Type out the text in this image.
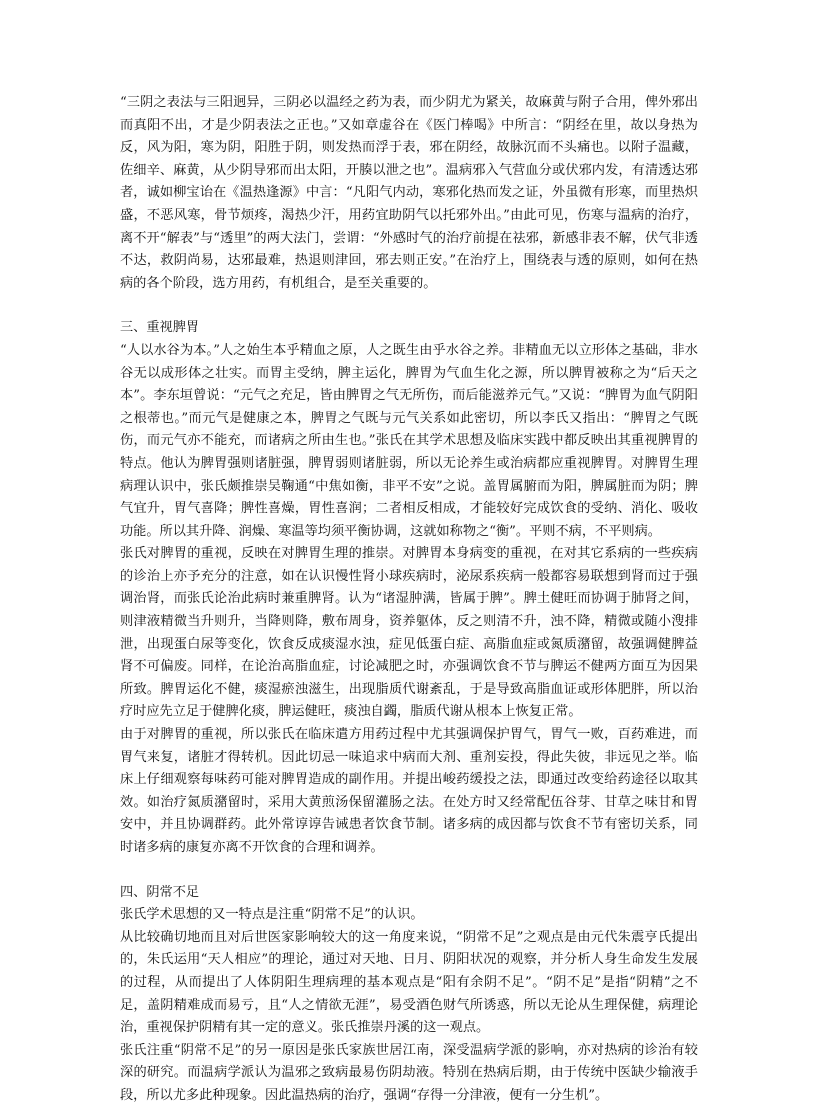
“三阴之表法与三阳迥异，三阴必以温经之药为表，而少阴尤为紧关，故麻黄与附子合用，俾外邪出而真阳不出，才是少阴表法之正也。”又如章虚谷在《医门棒喝》中所言：“阴经在里，故以身热为反，风为阳，寒为阴，阳胜于阴，则发热而浮于表，邪在阴经，故脉沉而不头痛也。以附子温藏，佐细辛、麻黄，从少阴导邪而出太阳，开腠以泄之也”。温病邪入气营血分或伏邪内发，有清透达邪者，诚如柳宝诒在《温热逢源》中言：“凡阳气内动，寒邪化热而发之证，外虽微有形寒，而里热炽盛，不恶风寒，骨节烦疼，渴热少汗，用药宜助阴气以托邪外出。”由此可见，伤寒与温病的治疗，离不开“解表”与“透里”的两大法门，尝谓：“外感时气的治疗前提在祛邪，新感非表不解，伏气非透不达，救阴尚易，达邪最难，热退则津回，邪去则正安。”在治疗上，围绕表与透的原则，如何在热病的各个阶段，选方用药，有机组合，是至关重要的。

三、重视脾胃

“人以水谷为本。”人之始生本乎精血之原，人之既生由乎水谷之养。非精血无以立形体之基础，非水谷无以成形体之壮实。而胃主受纳，脾主运化，脾胃为气血生化之源，所以脾胃被称之为“后天之本”。李东垣曾说：“元气之充足，皆由脾胃之气无所伤，而后能滋养元气。”又说：“脾胃为血气阴阳之根蒂也。”而元气是健康之本，脾胃之气既与元气关系如此密切，所以李氏又指出：“脾胃之气既伤，而元气亦不能充，而诸病之所由生也。”张氏在其学术思想及临床实践中都反映出其重视脾胃的特点。他认为脾胃强则诸脏强，脾胃弱则诸脏弱，所以无论养生或治病都应重视脾胃。对脾胃生理病理认识中，张氏颇推崇吴鞠通“中焦如衡，非平不安”之说。盖胃属腑而为阳，脾属脏而为阴；脾气宜升，胃气喜降；脾性喜燥，胃性喜润；二者相反相成，才能较好完成饮食的受纳、消化、吸收功能。所以其升降、润燥、寒温等均须平衡协调，这就如称物之“衡”。平则不病，不平则病。

张氏对脾胃的重视，反映在对脾胃生理的推崇。对脾胃本身病变的重视，在对其它系病的一些疾病的诊治上亦予充分的注意，如在认识慢性肾小球疾病时，泌尿系疾病一般都容易联想到肾而过于强调治肾，而张氏论治此病时兼重脾肾。认为“诸湿肿满，皆属于脾”。脾土健旺而协调于肺肾之间，则津液精微当升则升，当降则降，敷布周身，资养躯体，反之则清不升，浊不降，精微或随小溲排泄，出现蛋白尿等变化，饮食反成痰湿水浊，症见低蛋白症、高脂血症或氮质潴留，故强调健脾益肾不可偏废。同样，在论治高脂血症，讨论减肥之时，亦强调饮食不节与脾运不健两方面互为因果所致。脾胃运化不健，痰湿瘀浊滋生，出现脂质代谢紊乱，于是导致高脂血证或形体肥胖，所以治疗时应先立足于健脾化痰，脾运健旺，痰浊自蠲，脂质代谢从根本上恢复正常。

由于对脾胃的重视，所以张氏在临床遣方用药过程中尤其强调保护胃气，胃气一败，百药难进，而胃气来复，诸脏才得转机。因此切忌一味追求中病而大剂、重剂妄投，得此失彼，非远见之举。临床上仔细观察每味药可能对脾胃造成的副作用。并提出峻药缓投之法，即通过改变给药途径以取其效。如治疗氮质潴留时，采用大黄煎汤保留灌肠之法。在处方时又经常配伍谷芽、甘草之味甘和胃安中，并且协调群药。此外常谆谆告诫患者饮食节制。诸多病的成因都与饮食不节有密切关系，同时诸多病的康复亦离不开饮食的合理和调养。

四、阴常不足

张氏学术思想的又一特点是注重“阴常不足”的认识。

从比较确切地而且对后世医家影响较大的这一角度来说，“阴常不足”之观点是由元代朱震亨氏提出的，朱氏运用“天人相应”的理论，通过对天地、日月、阴阳状况的观察，并分析人身生命发生发展的过程，从而提出了人体阴阳生理病理的基本观点是“阳有余阴不足”。“阴不足”是指“阴精”之不足，盖阴精难成而易亏，且“人之情欲无涯”，易受酒色财气所诱惑，所以无论从生理保健，病理论治，重视保护阴精有其一定的意义。张氏推崇丹溪的这一观点。

张氏注重“阴常不足”的另一原因是张氏家族世居江南，深受温病学派的影响，亦对热病的诊治有较深的研究。而温病学派认为温邪之致病最易伤阴劫液。特别在热病后期，由于传统中医缺少输液手段，所以尤多此种现象。因此温热病的治疗，强调“存得一分津液，便有一分生机”。
